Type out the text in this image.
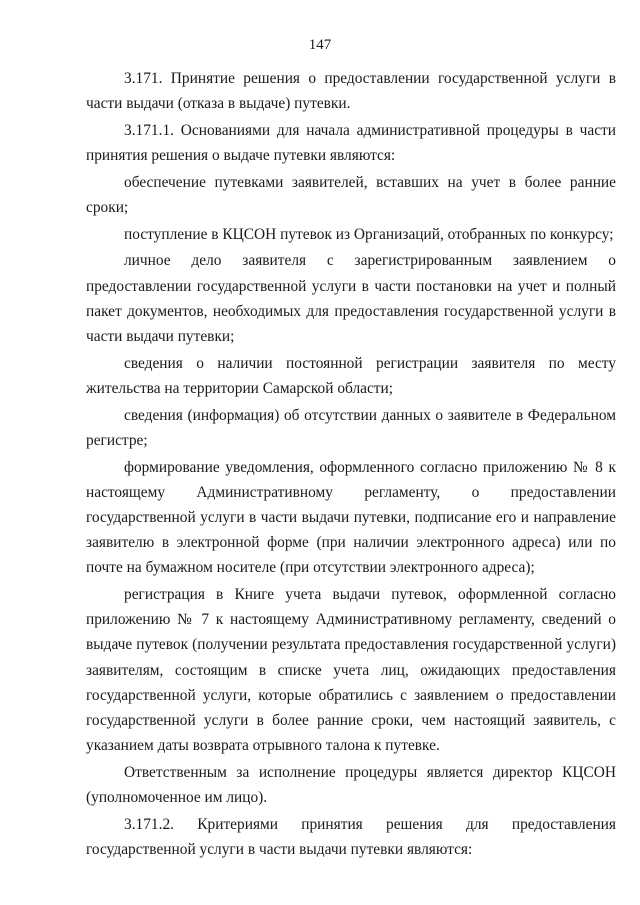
147

3.171. Принятие решения о предоставлении государственной услуги в части выдачи (отказа в выдаче) путевки.

3.171.1. Основаниями для начала административной процедуры в части принятия решения о выдаче путевки являются:

обеспечение путевками заявителей, вставших на учет в более ранние сроки;

поступление в КЦСОН путевок из Организаций, отобранных по конкурсу;

личное дело заявителя с зарегистрированным заявлением о предоставлении государственной услуги в части постановки на учет и полный пакет документов, необходимых для предоставления государственной услуги в части выдачи путевки;

сведения о наличии постоянной регистрации заявителя по месту жительства на территории Самарской области;

сведения (информация) об отсутствии данных о заявителе в Федеральном регистре;

формирование уведомления, оформленного согласно приложению № 8 к настоящему Административному регламенту, о предоставлении государственной услуги в части выдачи путевки, подписание его и направление заявителю в электронной форме (при наличии электронного адреса) или по почте на бумажном носителе (при отсутствии электронного адреса);

регистрация в Книге учета выдачи путевок, оформленной согласно приложению № 7 к настоящему Административному регламенту, сведений о выдаче путевок (получении результата предоставления государственной услуги) заявителям, состоящим в списке учета лиц, ожидающих предоставления государственной услуги, которые обратились с заявлением о предоставлении государственной услуги в более ранние сроки, чем настоящий заявитель, с указанием даты возврата отрывного талона к путевке.

Ответственным за исполнение процедуры является директор КЦСОН (уполномоченное им лицо).

3.171.2. Критериями принятия решения для предоставления государственной услуги в части выдачи путевки являются:
